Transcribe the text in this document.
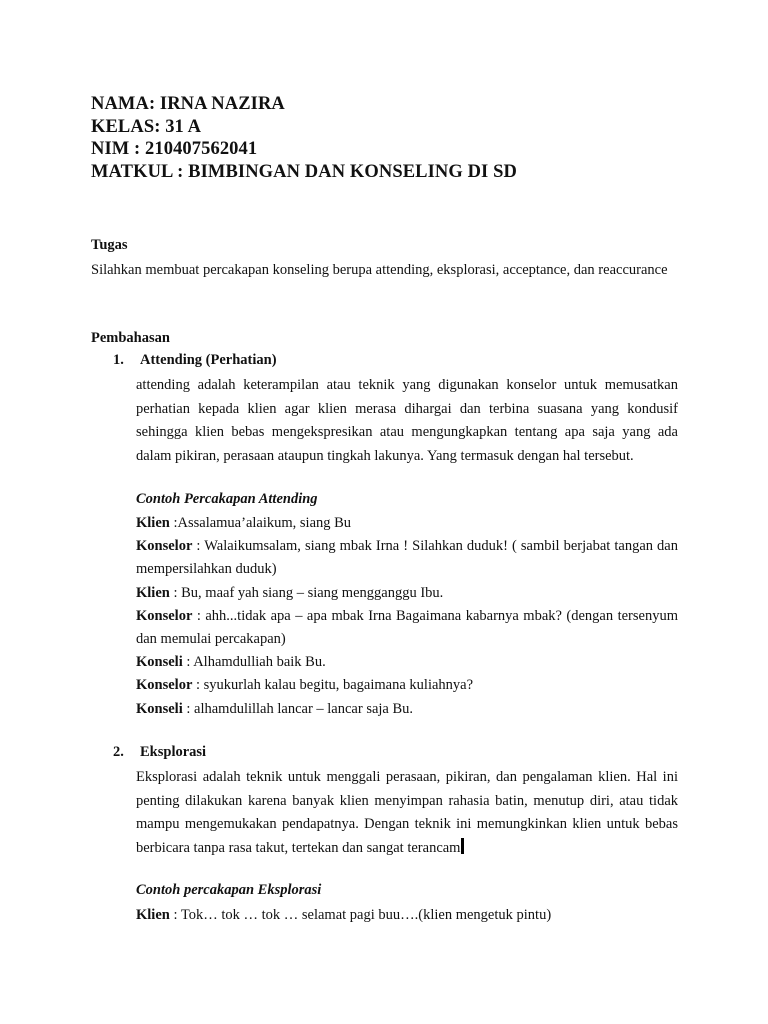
NAMA: IRNA NAZIRA
KELAS: 31 A
NIM : 210407562041
MATKUL : BIMBINGAN DAN KONSELING DI SD
Tugas
Silahkan membuat percakapan konseling berupa attending, eksplorasi, acceptance, dan reaccurance
Pembahasan
1. Attending (Perhatian)
attending adalah keterampilan atau teknik yang digunakan konselor untuk memusatkan perhatian kepada klien agar klien merasa dihargai dan terbina suasana yang kondusif sehingga klien bebas mengekspresikan atau mengungkapkan tentang apa saja yang ada dalam pikiran, perasaan ataupun tingkah lakunya. Yang termasuk dengan hal tersebut.
Contoh Percakapan Attending
Klien :Assalamua’alaikum, siang Bu
Konselor : Walaikumsalam, siang mbak Irna ! Silahkan duduk! ( sambil berjabat tangan dan mempersilahkan duduk)
Klien : Bu, maaf yah siang – siang mengganggu Ibu.
Konselor : ahh...tidak apa – apa mbak Irna Bagaimana kabarnya mbak? (dengan tersenyum dan memulai percakapan)
Konseli : Alhamdulliah baik Bu.
Konselor : syukurlah kalau begitu, bagaimana kuliahnya?
Konseli : alhamdulillah lancar – lancar saja Bu.
2. Eksplorasi
Eksplorasi adalah teknik untuk menggali perasaan, pikiran, dan pengalaman klien. Hal ini penting dilakukan karena banyak klien menyimpan rahasia batin, menutup diri, atau tidak mampu mengemukakan pendapatnya. Dengan teknik ini memungkinkan klien untuk bebas berbicara tanpa rasa takut, tertekan dan sangat terancam
Contoh percakapan Eksplorasi
Klien : Tok… tok … tok … selamat pagi buu….(klien mengetuk pintu)
